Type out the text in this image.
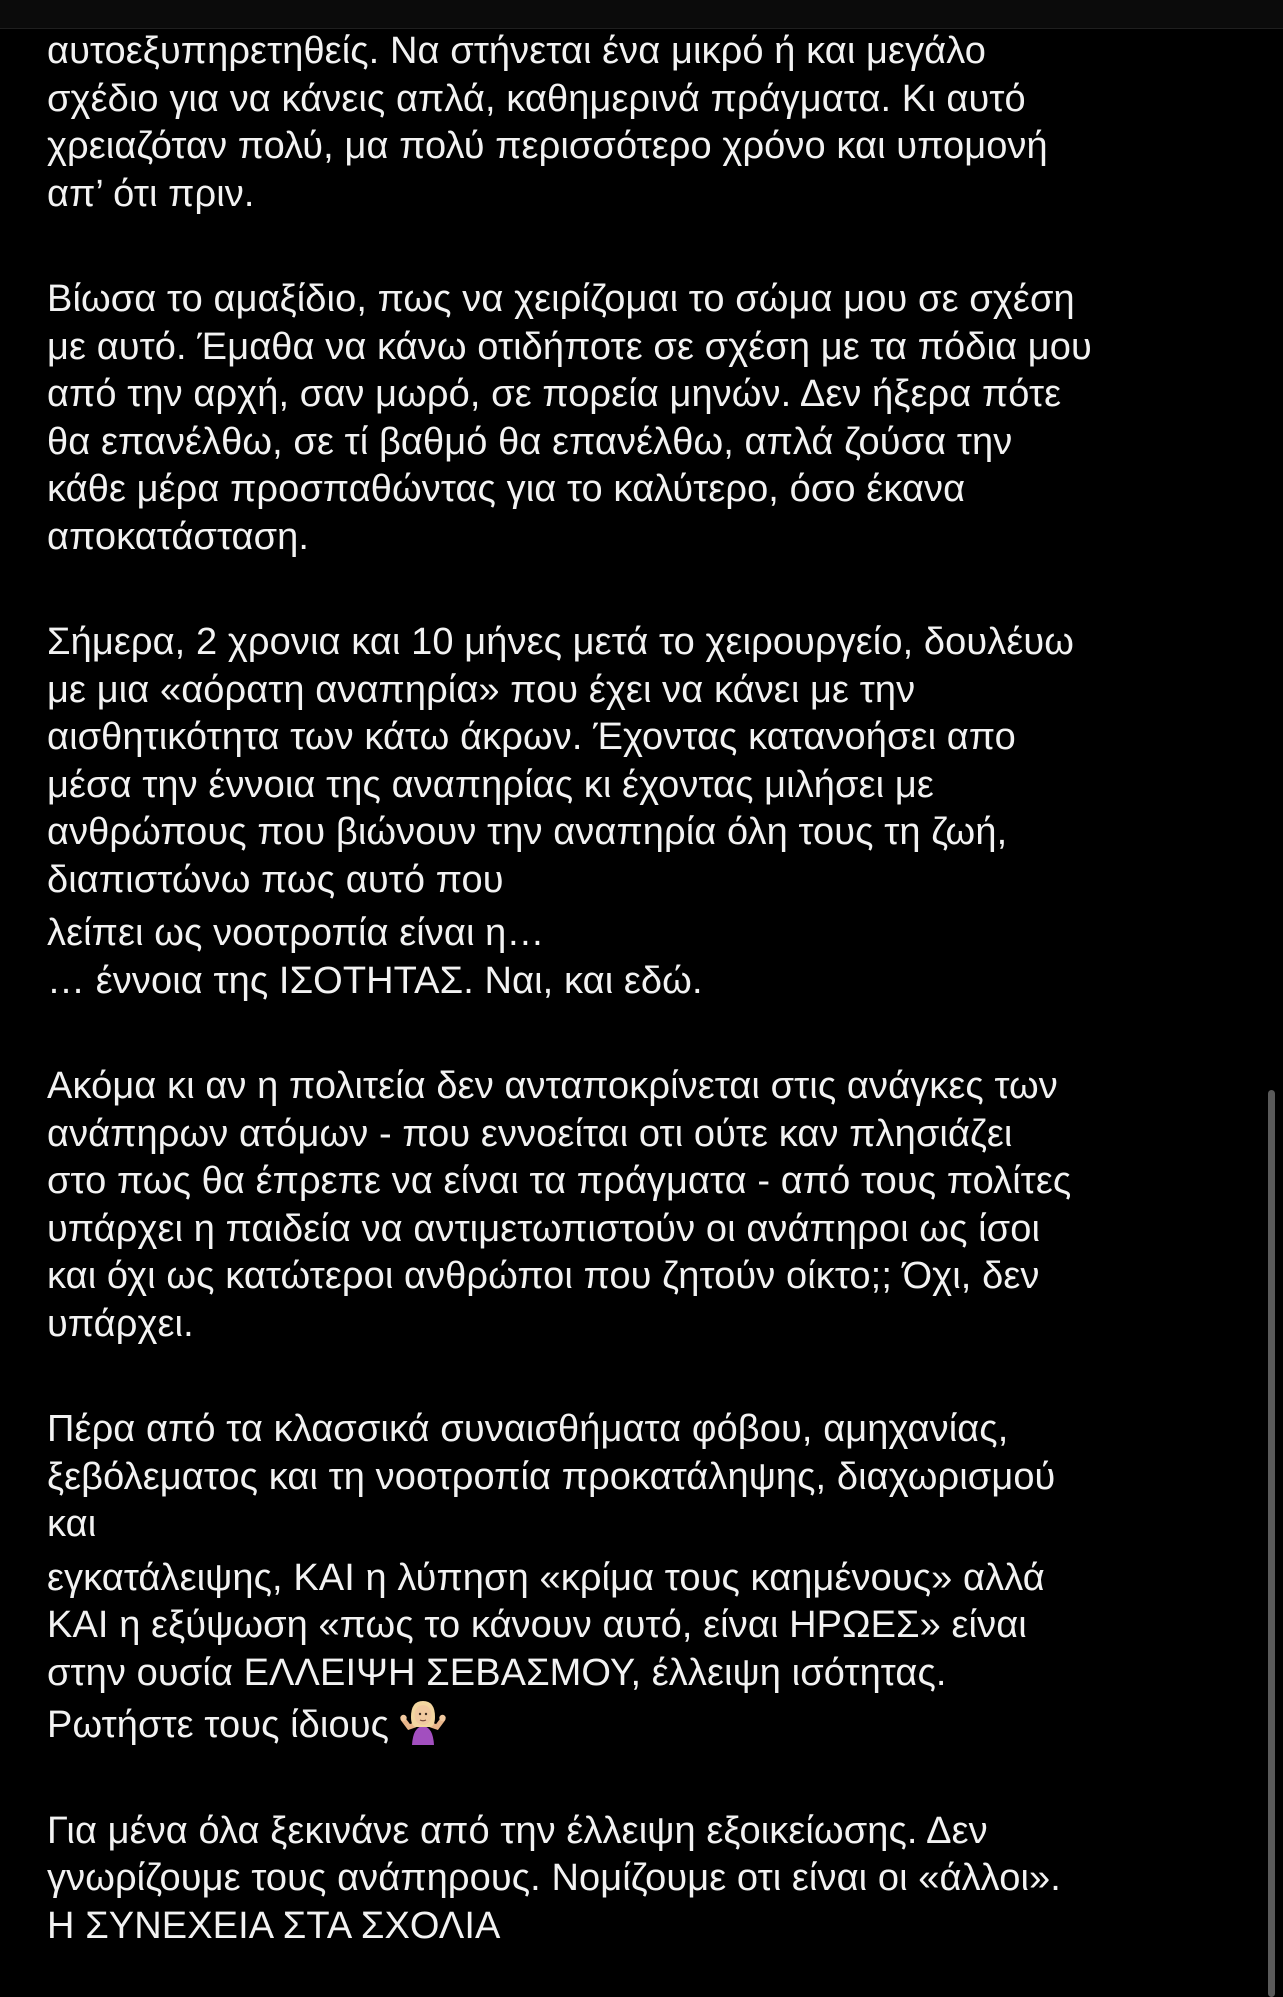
αυτοεξυπηρετηθείς. Να στήνεται ένα μικρό ή και μεγάλο

σχέδιο για να κάνεις απλά, καθημερινά πράγματα. Κι αυτό

χρειαζόταν πολύ, μα πολύ περισσότερο χρόνο και υπομονή

απ’ ότι πριν.

Βίωσα το αμαξίδιο, πως να χειρίζομαι το σώμα μου σε σχέση

με αυτό. Έμαθα να κάνω οτιδήποτε σε σχέση με τα πόδια μου

από την αρχή, σαν μωρό, σε πορεία μηνών. Δεν ήξερα πότε

θα επανέλθω, σε τί βαθμό θα επανέλθω, απλά ζούσα την

κάθε μέρα προσπαθώντας για το καλύτερο, όσο έκανα

αποκατάσταση.

Σήμερα, 2 χρονια και 10 μήνες μετά το χειρουργείο, δουλέυω

με μια «αόρατη αναπηρία» που έχει να κάνει με την

αισθητικότητα των κάτω άκρων. Έχοντας κατανοήσει απο

μέσα την έννοια της αναπηρίας κι έχοντας μιλήσει με

ανθρώπους που βιώνουν την αναπηρία όλη τους τη ζωή,

διαπιστώνω πως αυτό που

λείπει ως νοοτροπία είναι η…

… έννοια της ΙΣΟΤΗΤΑΣ. Ναι, και εδώ.

Ακόμα κι αν η πολιτεία δεν ανταποκρίνεται στις ανάγκες των

ανάπηρων ατόμων - που εννοείται οτι ούτε καν πλησιάζει

στο πως θα έπρεπε να είναι τα πράγματα - από τους πολίτες

υπάρχει η παιδεία να αντιμετωπιστούν οι ανάπηροι ως ίσοι

και όχι ως κατώτεροι ανθρώποι που ζητούν οίκτο;; Όχι, δεν

υπάρχει.

Πέρα από τα κλασσικά συναισθήματα φόβου, αμηχανίας,

ξεβόλεματος και τη νοοτροπία προκατάληψης, διαχωρισμού

και

εγκατάλειψης, ΚΑΙ η λύπηση «κρίμα τους καημένους» αλλά

ΚΑΙ η εξύψωση «πως το κάνουν αυτό, είναι ΗΡΩΕΣ» είναι

στην ουσία ΕΛΛΕΙΨΗ ΣΕΒΑΣΜΟΥ, έλλειψη ισότητας.

Ρωτήστε τους ίδιους

Για μένα όλα ξεκινάνε από την έλλειψη εξοικείωσης. Δεν

γνωρίζουμε τους ανάπηρους. Νομίζουμε οτι είναι οι «άλλοι».

Η ΣΥΝΕΧΕΙΑ ΣΤΑ ΣΧΟΛΙΑ
